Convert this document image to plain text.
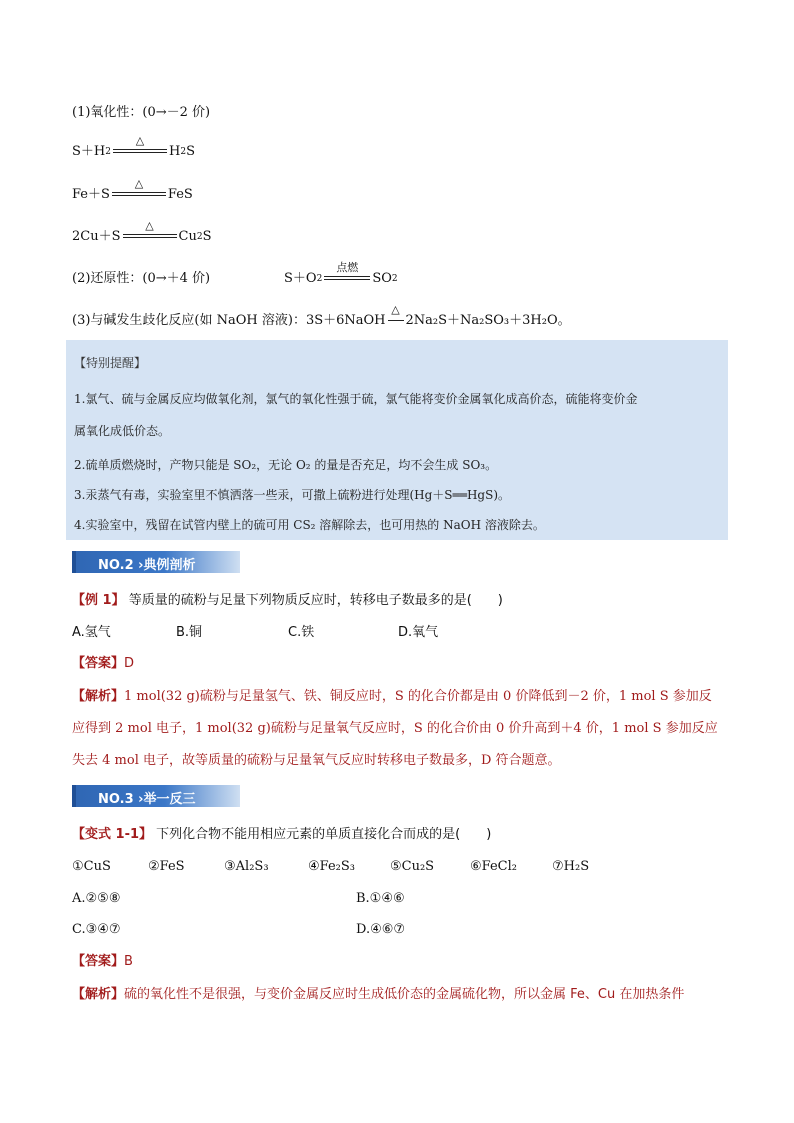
(1)氧化性：(0→－2 价)
S＋H 2
△
H 2 S
Fe＋S
△
FeS
2Cu＋S
△
Cu 2 S
(2)还原性：(0→＋4 价)	S＋O 2
点燃
SO 2
(3)与碱发生歧化反应(如 NaOH 溶液)：3S＋6NaOH
△
2Na₂S＋Na₂SO₃＋3H₂O。
【特别提醒】
1.氯气、硫与金属反应均做氧化剂，氯气的氧化性强于硫，氯气能将变价金属氧化成高价态，硫能将变价金
属氧化成低价态。
2.硫单质燃烧时，产物只能是 SO₂，无论 O₂ 的量是否充足，均不会生成 SO₃。
3.汞蒸气有毒，实验室里不慎洒落一些汞，可撒上硫粉进行处理(Hg＋S══HgS)。
4.实验室中，残留在试管内壁上的硫可用 CS₂ 溶解除去，也可用热的 NaOH 溶液除去。
NO.2 ›典例剖析
【例 1】 等质量的硫粉与足量下列物质反应时，转移电子数最多的是(　　)
A.氢气	B.铜	C.铁	D.氧气
【答案】D
【解析】1 mol(32 g)硫粉与足量氢气、铁、铜反应时，S 的化合价都是由 0 价降低到－2 价，1 mol S 参加反
应得到 2 mol 电子，1 mol(32 g)硫粉与足量氧气反应时，S 的化合价由 0 价升高到＋4 价，1 mol S 参加反应
失去 4 mol 电子，故等质量的硫粉与足量氧气反应时转移电子数最多，D 符合题意。
NO.3 ›举一反三
【变式 1-1】 下列化合物不能用相应元素的单质直接化合而成的是(　　)
①CuS	②FeS	③Al₂S₃	④Fe₂S₃	⑤Cu₂S	⑥FeCl₂	⑦H₂S
A.②⑤⑧	B.①④⑥
C.③④⑦	D.④⑥⑦
【答案】B
【解析】硫的氧化性不是很强，与变价金属反应时生成低价态的金属硫化物，所以金属 Fe、Cu 在加热条件
